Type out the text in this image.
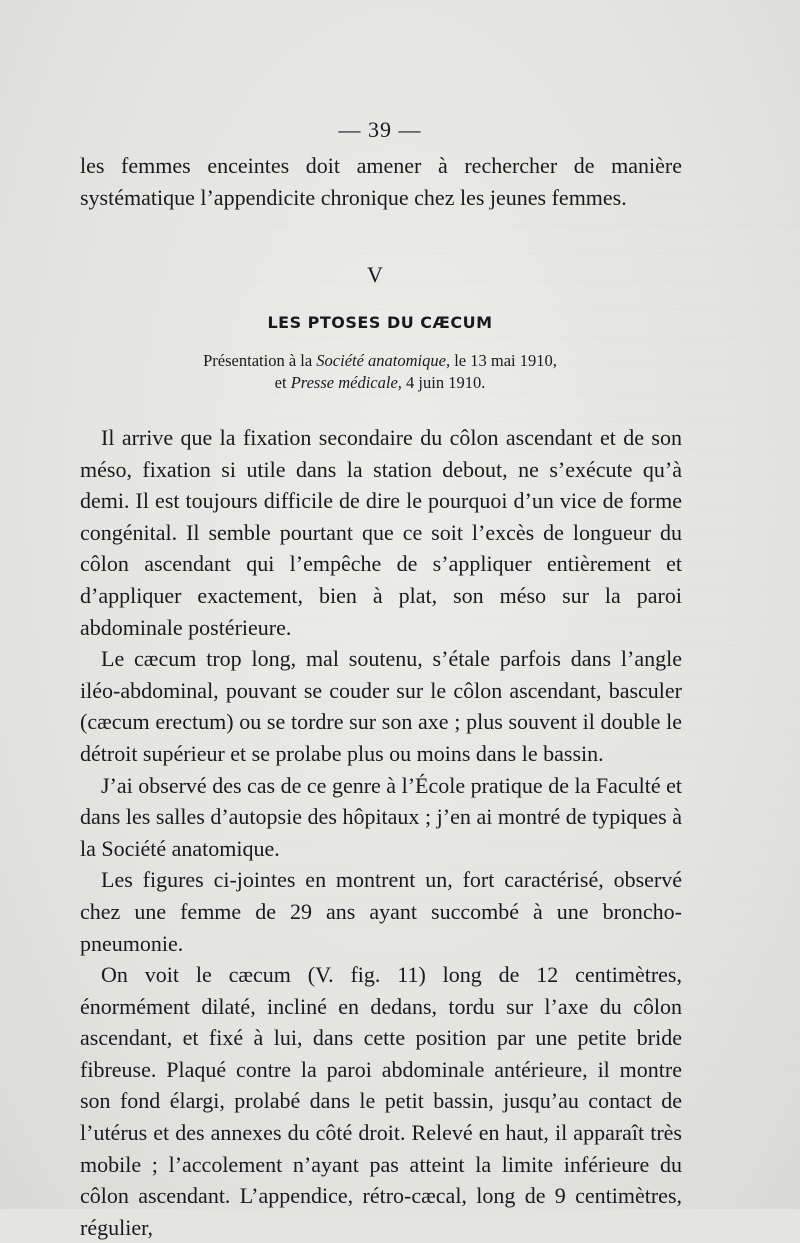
— 39 —

les femmes enceintes doit amener à rechercher de manière systématique l’appendicite chronique chez les jeunes femmes.

V
LES PTOSES DU CÆCUM
Présentation à la Société anatomique, le 13 mai 1910,
et Presse médicale, 4 juin 1910.

Il arrive que la fixation secondaire du côlon ascendant et de son méso, fixation si utile dans la station debout, ne s’exécute qu’à demi. Il est toujours difficile de dire le pourquoi d’un vice de forme congénital. Il semble pourtant que ce soit l’excès de longueur du côlon ascendant qui l’empêche de s’appliquer entièrement et d’appliquer exactement, bien à plat, son méso sur la paroi abdominale postérieure.

Le cæcum trop long, mal soutenu, s’étale parfois dans l’angle iléo-abdominal, pouvant se couder sur le côlon ascendant, basculer (cæcum erectum) ou se tordre sur son axe ; plus souvent il double le détroit supérieur et se prolabe plus ou moins dans le bassin.

J’ai observé des cas de ce genre à l’École pratique de la Faculté et dans les salles d’autopsie des hôpitaux ; j’en ai montré de typiques à la Société anatomique.

Les figures ci-jointes en montrent un, fort caractérisé, observé chez une femme de 29 ans ayant succombé à une broncho-pneumonie.

On voit le cæcum (V. fig. 11) long de 12 centimètres, énormément dilaté, incliné en dedans, tordu sur l’axe du côlon ascendant, et fixé à lui, dans cette position par une petite bride fibreuse. Plaqué contre la paroi abdominale antérieure, il montre son fond élargi, prolabé dans le petit bassin, jusqu’au contact de l’utérus et des annexes du côté droit. Relevé en haut, il apparaît très mobile ; l’accolement n’ayant pas atteint la limite inférieure du côlon ascendant. L’appendice, rétro-cæcal, long de 9 centimètres, régulier,
